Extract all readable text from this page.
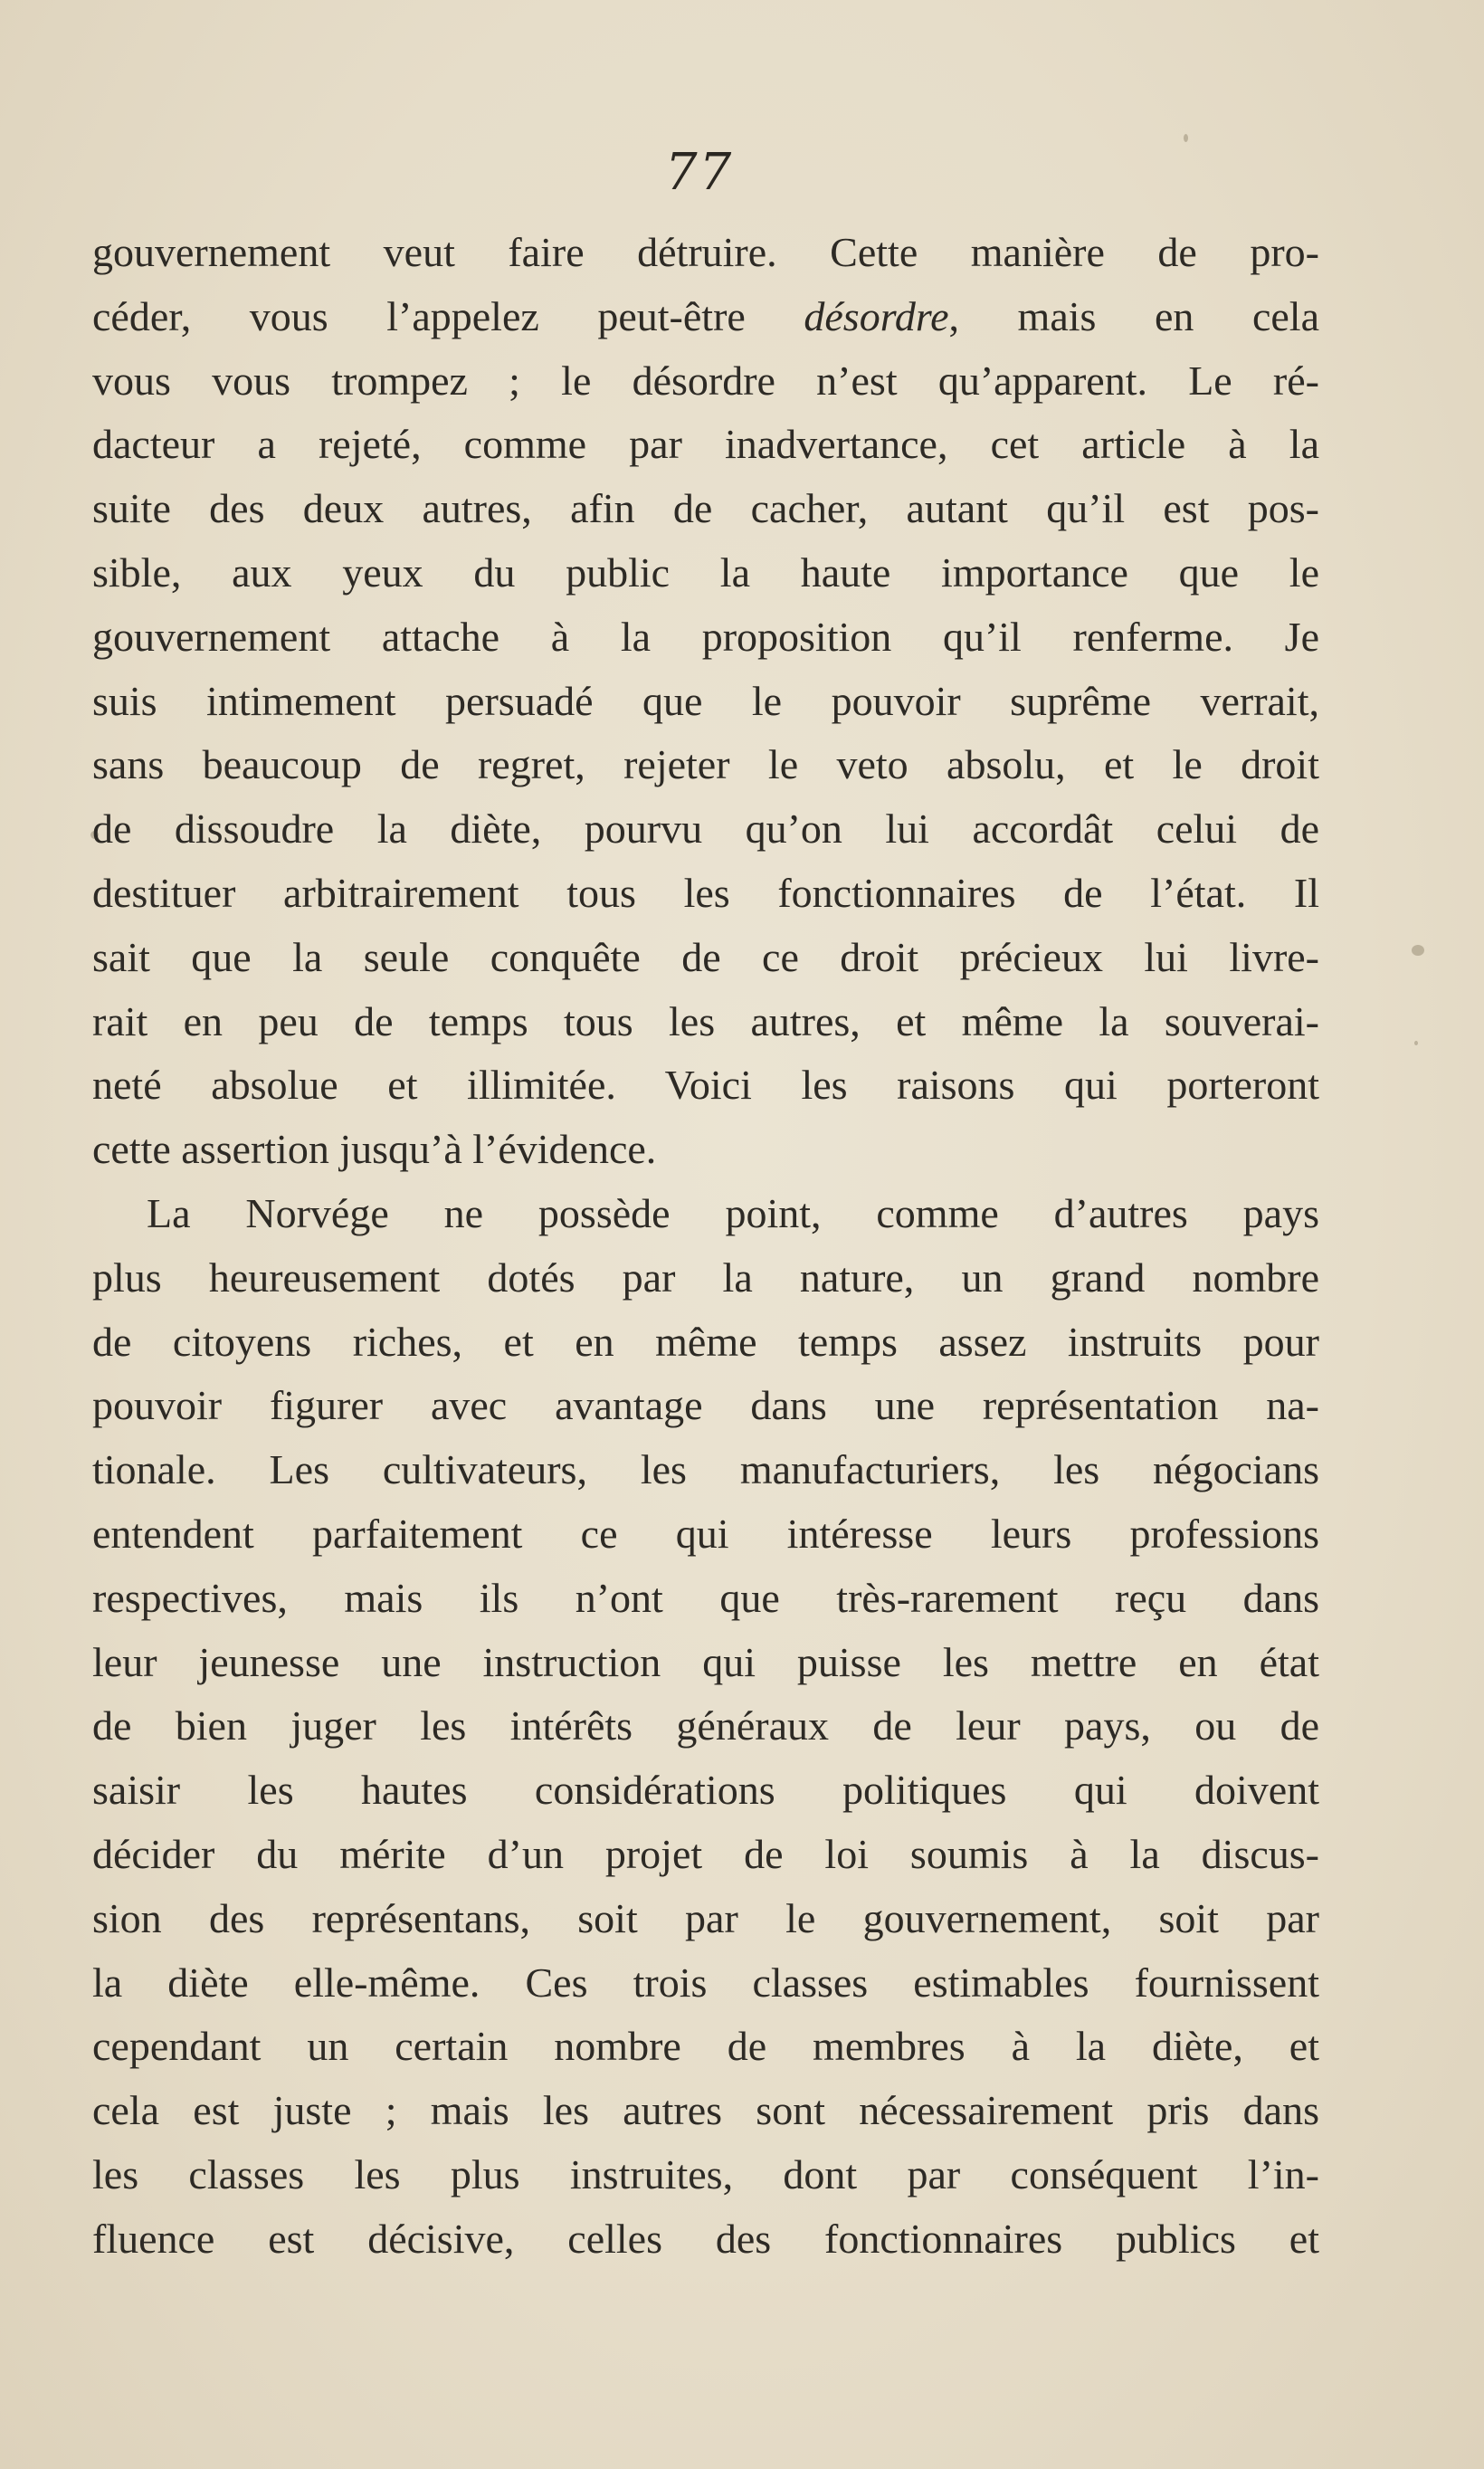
77
gouvernement veut faire détruire. Cette manière de pro-
céder, vous l’appelez peut-être désordre, mais en cela
vous vous trompez ; le désordre n’est qu’apparent. Le ré-
dacteur a rejeté, comme par inadvertance, cet article à la
suite des deux autres, afin de cacher, autant qu’il est pos-
sible, aux yeux du public la haute importance que le
gouvernement attache à la proposition qu’il renferme. Je
suis intimement persuadé que le pouvoir suprême verrait,
sans beaucoup de regret, rejeter le veto absolu, et le droit
de dissoudre la diète, pourvu qu’on lui accordât celui de
destituer arbitrairement tous les fonctionnaires de l’état. Il
sait que la seule conquête de ce droit précieux lui livre-
rait en peu de temps tous les autres, et même la souverai-
neté absolue et illimitée. Voici les raisons qui porteront
cette assertion jusqu’à l’évidence.
La Norvége ne possède point, comme d’autres pays
plus heureusement dotés par la nature, un grand nombre
de citoyens riches, et en même temps assez instruits pour
pouvoir figurer avec avantage dans une représentation na-
tionale. Les cultivateurs, les manufacturiers, les négocians
entendent parfaitement ce qui intéresse leurs professions
respectives, mais ils n’ont que très-rarement reçu dans
leur jeunesse une instruction qui puisse les mettre en état
de bien juger les intérêts généraux de leur pays, ou de
saisir les hautes considérations politiques qui doivent
décider du mérite d’un projet de loi soumis à la discus-
sion des représentans, soit par le gouvernement, soit par
la diète elle-même. Ces trois classes estimables fournissent
cependant un certain nombre de membres à la diète, et
cela est juste ; mais les autres sont nécessairement pris dans
les classes les plus instruites, dont par conséquent l’in-
fluence est décisive, celles des fonctionnaires publics et
